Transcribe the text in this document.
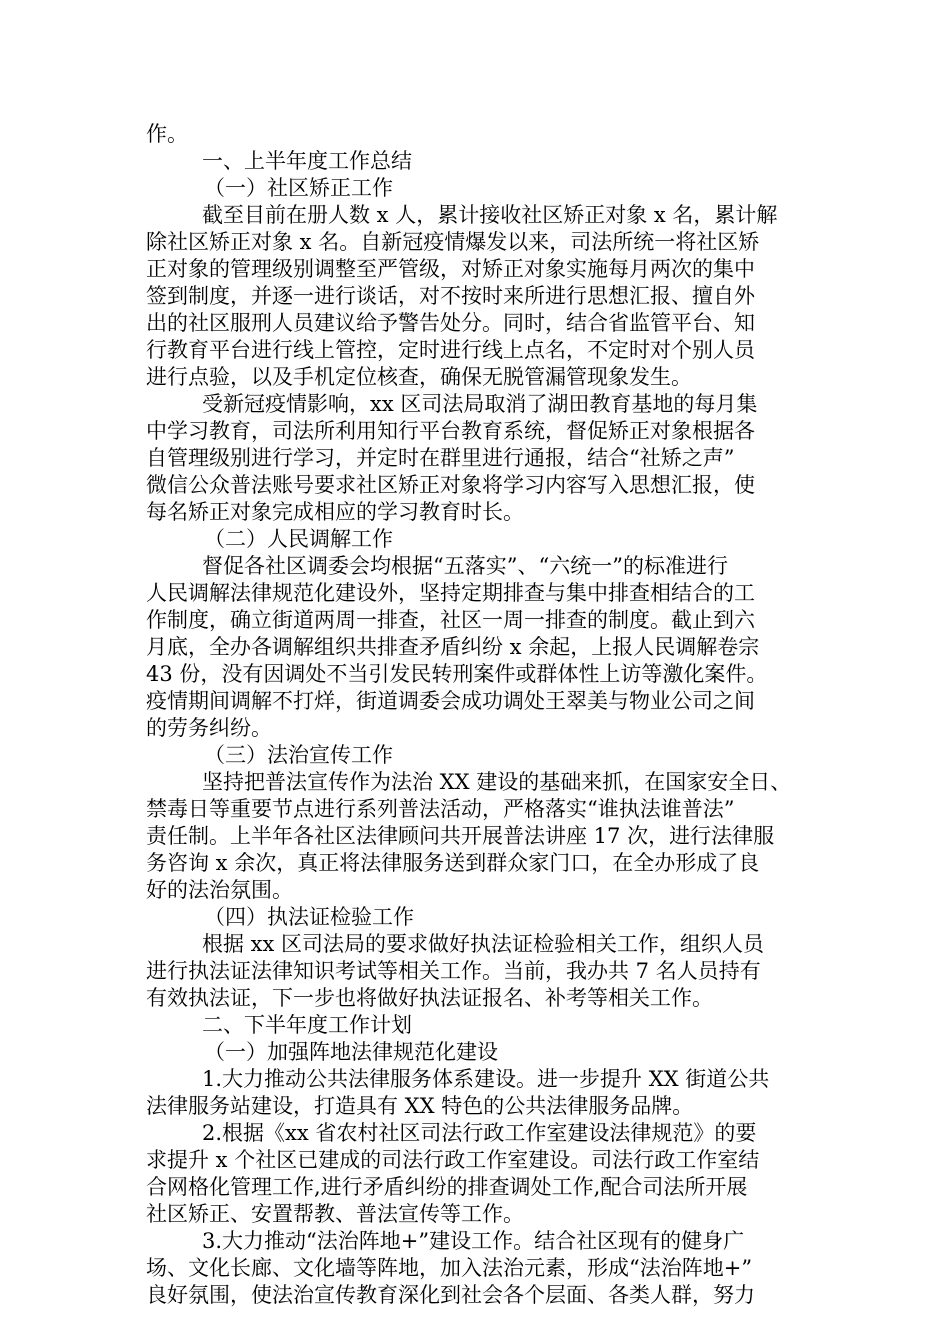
作。
一、上半年度工作总结
（一）社区矫正工作
截至目前在册人数 x 人，累计接收社区矫正对象 x 名，累计解
除社区矫正对象 x 名。自新冠疫情爆发以来，司法所统一将社区矫
正对象的管理级别调整至严管级，对矫正对象实施每月两次的集中
签到制度，并逐一进行谈话，对不按时来所进行思想汇报、擅自外
出的社区服刑人员建议给予警告处分。同时，结合省监管平台、知
行教育平台进行线上管控，定时进行线上点名，不定时对个别人员
进行点验，以及手机定位核查，确保无脱管漏管现象发生。
受新冠疫情影响，xx 区司法局取消了湖田教育基地的每月集
中学习教育，司法所利用知行平台教育系统，督促矫正对象根据各
自管理级别进行学习，并定时在群里进行通报，结合“社矫之声”
微信公众普法账号要求社区矫正对象将学习内容写入思想汇报，使
每名矫正对象完成相应的学习教育时长。
（二）人民调解工作
督促各社区调委会均根据“五落实”、“六统一”的标准进行
人民调解法律规范化建设外，坚持定期排查与集中排查相结合的工
作制度，确立街道两周一排查，社区一周一排查的制度。截止到六
月底，全办各调解组织共排查矛盾纠纷 x 余起，上报人民调解卷宗
43 份，没有因调处不当引发民转刑案件或群体性上访等激化案件。
疫情期间调解不打烊，街道调委会成功调处王翠美与物业公司之间
的劳务纠纷。
（三）法治宣传工作
坚持把普法宣传作为法治 XX 建设的基础来抓，在国家安全日、
禁毒日等重要节点进行系列普法活动，严格落实“谁执法谁普法”
责任制。上半年各社区法律顾问共开展普法讲座 17 次，进行法律服
务咨询 x 余次，真正将法律服务送到群众家门口，在全办形成了良
好的法治氛围。
（四）执法证检验工作
根据 xx 区司法局的要求做好执法证检验相关工作，组织人员
进行执法证法律知识考试等相关工作。当前，我办共 7 名人员持有
有效执法证，下一步也将做好执法证报名、补考等相关工作。
二、下半年度工作计划
（一）加强阵地法律规范化建设
1.大力推动公共法律服务体系建设。进一步提升 XX 街道公共
法律服务站建设，打造具有 XX 特色的公共法律服务品牌。
2.根据《xx 省农村社区司法行政工作室建设法律规范》的要
求提升 x 个社区已建成的司法行政工作室建设。司法行政工作室结
合网格化管理工作,进行矛盾纠纷的排查调处工作,配合司法所开展
社区矫正、安置帮教、普法宣传等工作。
3.大力推动“法治阵地+”建设工作。结合社区现有的健身广
场、文化长廊、文化墙等阵地，加入法治元素，形成“法治阵地+”
良好氛围，使法治宣传教育深化到社会各个层面、各类人群，努力
